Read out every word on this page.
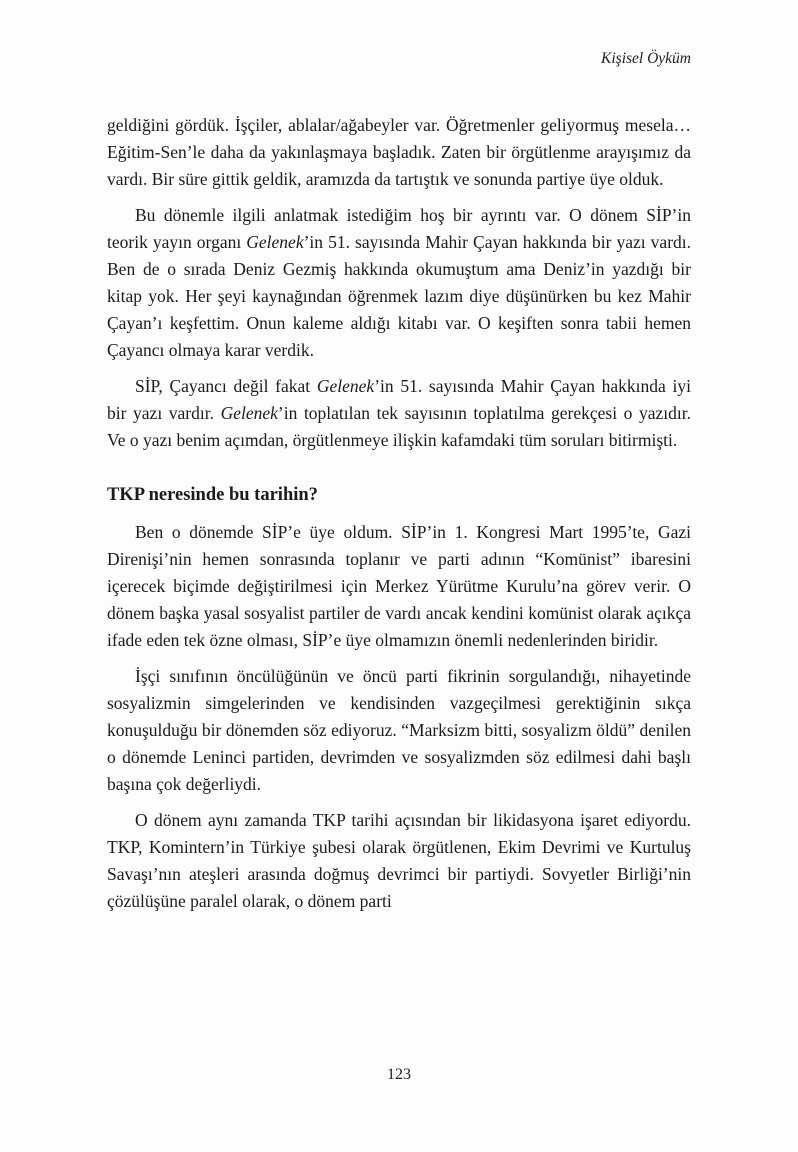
Kişisel Öyküm

geldiğini gördük. İşçiler, ablalar/ağabeyler var. Öğretmenler geliyormuş mesela… Eğitim-Sen’le daha da yakınlaşmaya başladık. Zaten bir örgütlenme arayışımız da vardı. Bir süre gittik geldik, aramızda da tartıştık ve sonunda partiye üye olduk.

Bu dönemle ilgili anlatmak istediğim hoş bir ayrıntı var. O dönem SİP’in teorik yayın organı Gelenek’in 51. sayısında Mahir Çayan hakkında bir yazı vardı. Ben de o sırada Deniz Gezmiş hakkında okumuştum ama Deniz’in yazdığı bir kitap yok. Her şeyi kaynağından öğrenmek lazım diye düşünürken bu kez Mahir Çayan’ı keşfettim. Onun kaleme aldığı kitabı var. O keşiften sonra tabii hemen Çayancı olmaya karar verdik.

SİP, Çayancı değil fakat Gelenek’in 51. sayısında Mahir Çayan hakkında iyi bir yazı vardır. Gelenek’in toplatılan tek sayısının toplatılma gerekçesi o yazıdır. Ve o yazı benim açımdan, örgütlenmeye ilişkin kafamdaki tüm soruları bitirmişti.

TKP neresinde bu tarihin?

Ben o dönemde SİP’e üye oldum. SİP’in 1. Kongresi Mart 1995’te, Gazi Direnişi’nin hemen sonrasında toplanır ve parti adının “Komünist” ibaresini içerecek biçimde değiştirilmesi için Merkez Yürütme Kurulu’na görev verir. O dönem başka yasal sosyalist partiler de vardı ancak kendini komünist olarak açıkça ifade eden tek özne olması, SİP’e üye olmamızın önemli nedenlerinden biridir.

İşçi sınıfının öncülüğünün ve öncü parti fikrinin sorgulandığı, nihayetinde sosyalizmin simgelerinden ve kendisinden vazgeçilmesi gerektiğinin sıkça konuşulduğu bir dönemden söz ediyoruz. “Marksizm bitti, sosyalizm öldü” denilen o dönemde Leninci partiden, devrimden ve sosyalizmden söz edilmesi dahi başlı başına çok değerliydi.

O dönem aynı zamanda TKP tarihi açısından bir likidasyona işaret ediyordu. TKP, Komintern’in Türkiye şubesi olarak örgütlenen, Ekim Devrimi ve Kurtuluş Savaşı’nın ateşleri arasında doğmuş devrimci bir partiydi. Sovyetler Birliği’nin çözülüşüne paralel olarak, o dönem parti

123
